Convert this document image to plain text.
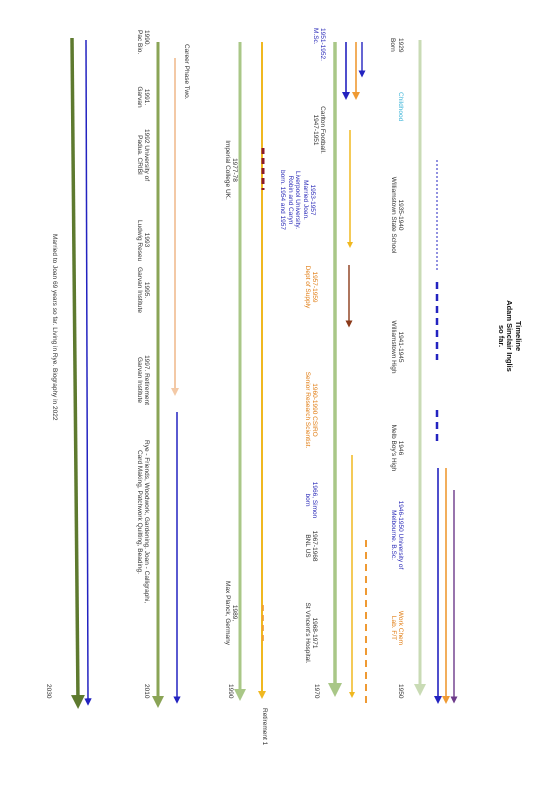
Timeline
Adam Sinclair Inglis
so far.
1929
1950
1970
1990
2010
2030
Born
Childhood
1951-1952.
M.Sc.
Carlton Football.
1947-1951
1990.
Pac Bio.
1991.
Garvan
1992 University of
Padua. CRIBI
Career Phase Two.
1977-78
Imperial College UK.
1953-1957
Married Joan.
Liverpool University.
Robin and Caryn
born. 1954 and 1957	1935-1940
Williamstown State School
1993
Ludwig Reseu
1995.
Garvan Institute	1957-1959
Dept of Supply
Married to Joan 69 years so far. Living in Rye. Biography in 2022	1941-1945
Williamstown High
1960-1990 CSIRO
Senior Research Scientist.
1997. Retirement
Garvan Institute
1946
Melb Boy's High
Rye - Friends, Woodwork, Gardening. Joan - Calligraphi,
Card Making, Patchwork Quilting, Beading.	1966, Simon
born
1946-1950 University of
Melbourne. B.Sc.
1967-1968
BNL US
Work Chem
Lab. F/T
1968-1971
St Vincent's Hospital.
1989,
Max Planck, Germany
Retirement 1
